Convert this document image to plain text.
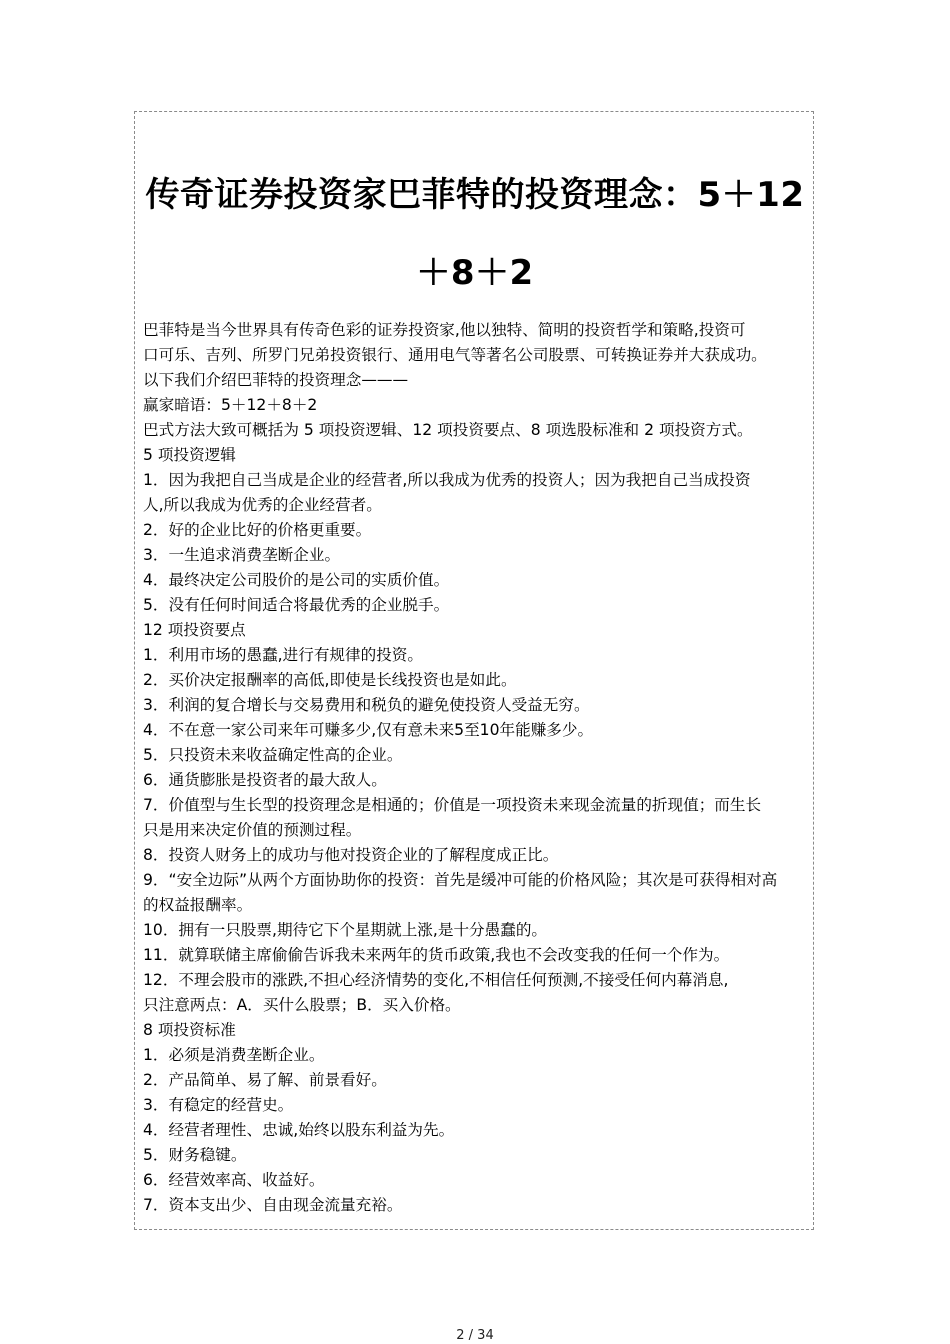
传奇证券投资家巴菲特的投资理念：5＋12
＋8＋2

巴菲特是当今世界具有传奇色彩的证券投资家,他以独特、简明的投资哲学和策略,投资可

口可乐、吉列、所罗门兄弟投资银行、通用电气等著名公司股票、可转换证券并大获成功。

以下我们介绍巴菲特的投资理念———

赢家暗语：5＋12＋8＋2

巴式方法大致可概括为 5 项投资逻辑、12 项投资要点、8 项选股标准和 2 项投资方式。

5 项投资逻辑

1．因为我把自己当成是企业的经营者,所以我成为优秀的投资人；因为我把自己当成投资

人,所以我成为优秀的企业经营者。

2．好的企业比好的价格更重要。

3．一生追求消费垄断企业。

4．最终决定公司股价的是公司的实质价值。

5．没有任何时间适合将最优秀的企业脱手。

12 项投资要点

1．利用市场的愚蠢,进行有规律的投资。

2．买价决定报酬率的高低,即使是长线投资也是如此。

3．利润的复合增长与交易费用和税负的避免使投资人受益无穷。

4．不在意一家公司来年可赚多少,仅有意未来5至10年能赚多少。

5．只投资未来收益确定性高的企业。

6．通货膨胀是投资者的最大敌人。

7．价值型与生长型的投资理念是相通的；价值是一项投资未来现金流量的折现值；而生长

只是用来决定价值的预测过程。

8．投资人财务上的成功与他对投资企业的了解程度成正比。

9．“安全边际”从两个方面协助你的投资：首先是缓冲可能的价格风险；其次是可获得相对高

的权益报酬率。

10．拥有一只股票,期待它下个星期就上涨,是十分愚蠢的。

11．就算联储主席偷偷告诉我未来两年的货币政策,我也不会改变我的任何一个作为。

12．不理会股市的涨跌,不担心经济情势的变化,不相信任何预测,不接受任何内幕消息,

只注意两点：A．买什么股票；B．买入价格。

8 项投资标准

1．必须是消费垄断企业。

2．产品简单、易了解、前景看好。

3．有稳定的经营史。

4．经营者理性、忠诚,始终以股东利益为先。

5．财务稳键。

6．经营效率高、收益好。

7．资本支出少、自由现金流量充裕。

2 / 34
